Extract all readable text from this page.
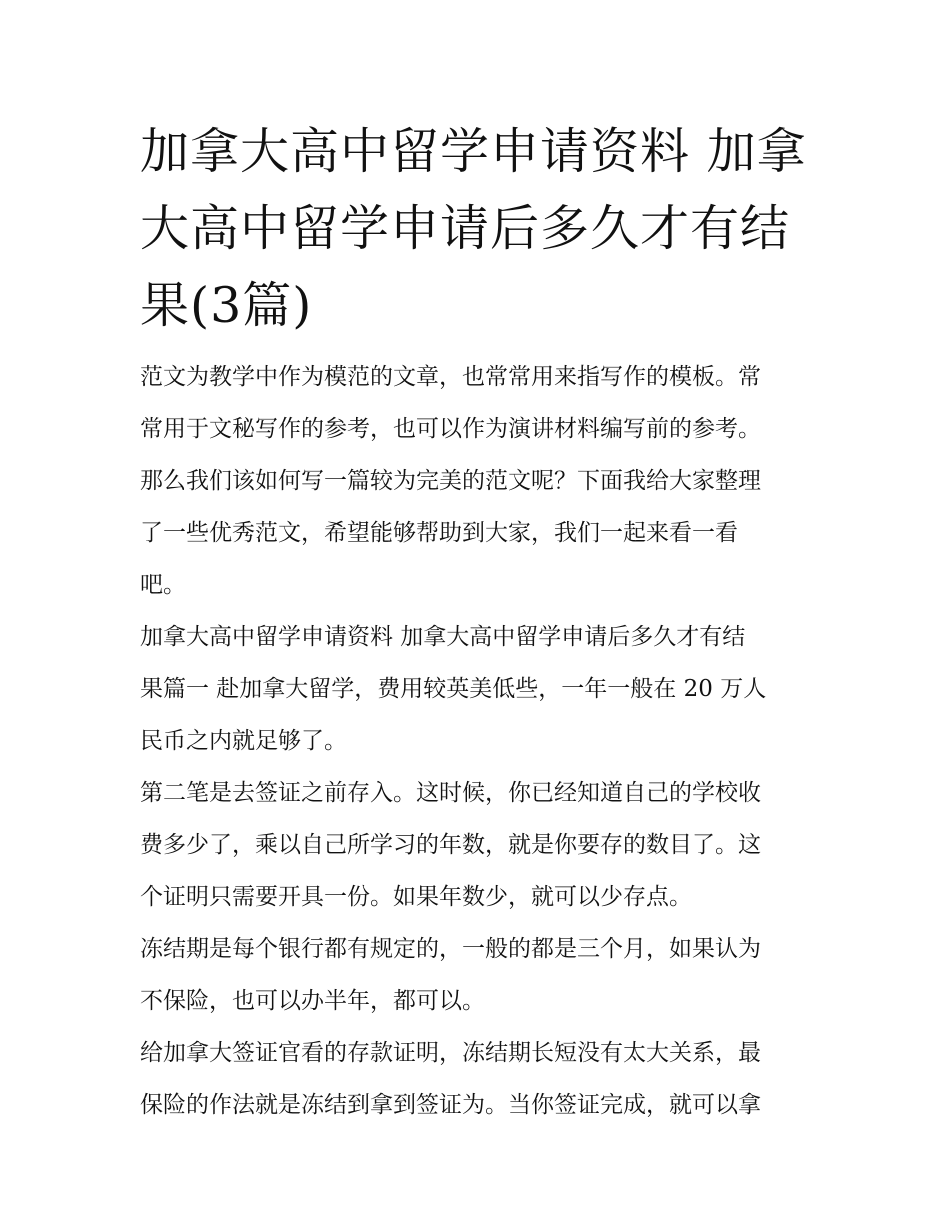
加拿大高中留学申请资料 加拿
大高中留学申请后多久才有结
果(3篇)
范文为教学中作为模范的文章，也常常用来指写作的模板。常
常用于文秘写作的参考，也可以作为演讲材料编写前的参考。
那么我们该如何写一篇较为完美的范文呢？下面我给大家整理
了一些优秀范文，希望能够帮助到大家，我们一起来看一看
吧。
加拿大高中留学申请资料 加拿大高中留学申请后多久才有结
果篇一 赴加拿大留学，费用较英美低些，一年一般在 20 万人
民币之内就足够了。
第二笔是去签证之前存入。这时候，你已经知道自己的学校收
费多少了，乘以自己所学习的年数，就是你要存的数目了。这
个证明只需要开具一份。如果年数少，就可以少存点。
冻结期是每个银行都有规定的，一般的都是三个月，如果认为
不保险，也可以办半年，都可以。
给加拿大签证官看的存款证明，冻结期长短没有太大关系，最
保险的作法就是冻结到拿到签证为。当你签证完成，就可以拿
